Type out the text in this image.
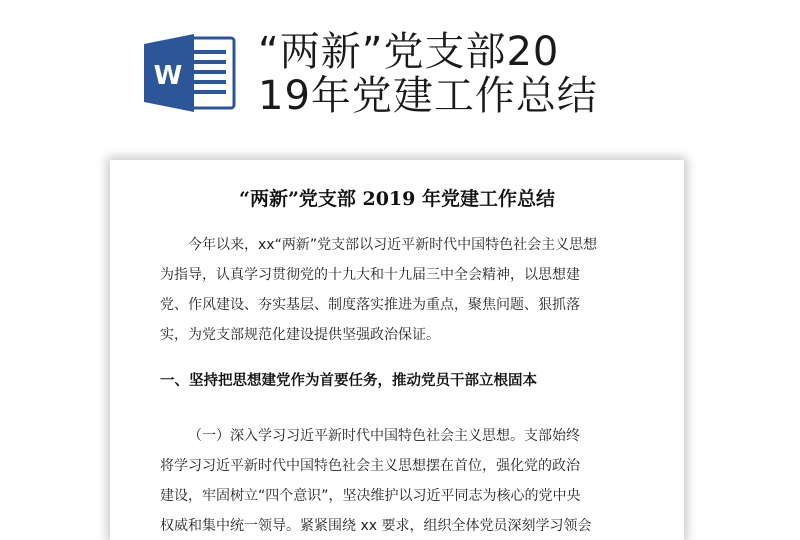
W
“两新”党支部20
19年党建工作总结
“两新”党支部 2019 年党建工作总结
今年以来，xx“两新”党支部以习近平新时代中国特色社会主义思想
为指导，认真学习贯彻党的十九大和十九届三中全会精神，以思想建
党、作风建设、夯实基层、制度落实推进为重点，聚焦问题、狠抓落
实，为党支部规范化建设提供坚强政治保证。
一、坚持把思想建党作为首要任务，推动党员干部立根固本
（一）深入学习习近平新时代中国特色社会主义思想。支部始终
将学习习近平新时代中国特色社会主义思想摆在首位，强化党的政治
建设，牢固树立“四个意识”，坚决维护以习近平同志为核心的党中央
权威和集中统一领导。紧紧围绕 xx 要求，组织全体党员深刻学习领会
